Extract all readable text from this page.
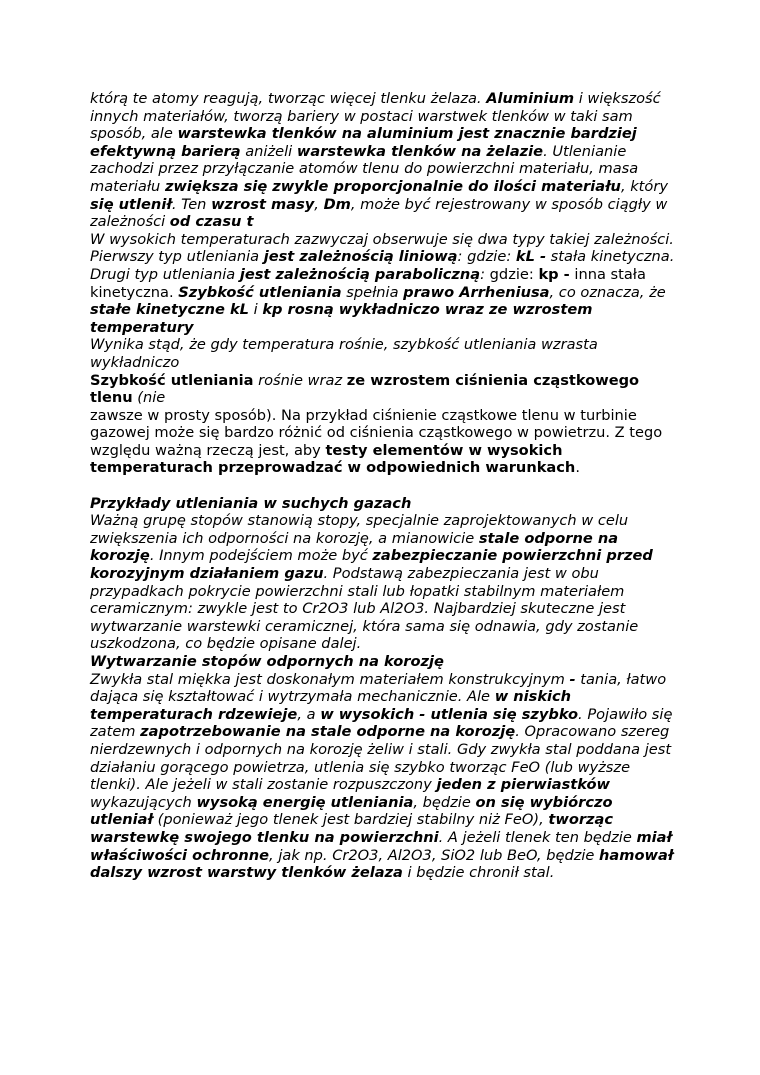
którą te atomy reagują, tworząc więcej tlenku żelaza. Aluminium i większość innych materiałów, tworzą bariery w postaci warstwek tlenków w taki sam sposób, ale warstewka tlenków na aluminium jest znacznie bardziej efektywną barierą aniżeli warstewka tlenków na żelazie. Utlenianie zachodzi przez przyłączanie atomów tlenu do powierzchni materiału, masa materiału zwiększa się zwykle proporcjonalnie do ilości materiału, który się utlenił. Ten wzrost masy, Dm, może być rejestrowany w sposób ciągły w zależności od czasu t

W wysokich temperaturach zazwyczaj obserwuje się dwa typy takiej zależności.

Pierwszy typ utleniania jest zależnością liniową: gdzie: kL - stała kinetyczna.

Drugi typ utleniania jest zależnością paraboliczną: gdzie: kp - inna stała kinetyczna. Szybkość utleniania spełnia prawo Arrheniusa, co oznacza, że stałe kinetyczne kL i kp rosną wykładniczo wraz ze wzrostem temperatury

Wynika stąd, że gdy temperatura rośnie, szybkość utleniania wzrasta wykładniczo

Szybkość utleniania rośnie wraz ze wzrostem ciśnienia cząstkowego tlenu (nie

zawsze w prosty sposób). Na przykład ciśnienie cząstkowe tlenu w turbinie gazowej może się bardzo różnić od ciśnienia cząstkowego w powietrzu. Z tego względu ważną rzeczą jest, aby testy elementów w wysokich temperaturach przeprowadzać w odpowiednich warunkach.

Przykłady utleniania w suchych gazach

Ważną grupę stopów stanowią stopy, specjalnie zaprojektowanych w celu zwiększenia ich odporności na korozję, a mianowicie stale odporne na korozję. Innym podejściem może być zabezpieczanie powierzchni przed korozyjnym działaniem gazu. Podstawą zabezpieczania jest w obu przypadkach pokrycie powierzchni stali lub łopatki stabilnym materiałem ceramicznym: zwykle jest to Cr2O3 lub Al2O3. Najbardziej skuteczne jest wytwarzanie warstewki ceramicznej, która sama się odnawia, gdy zostanie uszkodzona, co będzie opisane dalej.

Wytwarzanie stopów odpornych na korozję

Zwykła stal miękka jest doskonałym materiałem konstrukcyjnym - tania, łatwo dająca się kształtować i wytrzymała mechanicznie. Ale w niskich temperaturach rdzewieje, a w wysokich - utlenia się szybko. Pojawiło się zatem zapotrzebowanie na stale odporne na korozję. Opracowano szereg nierdzewnych i odpornych na korozję żeliw i stali. Gdy zwykła stal poddana jest działaniu gorącego powietrza, utlenia się szybko tworząc FeO (lub wyższe tlenki). Ale jeżeli w stali zostanie rozpuszczony jeden z pierwiastków wykazujących wysoką energię utleniania, będzie on się wybiórczo utleniał (ponieważ jego tlenek jest bardziej stabilny niż FeO), tworząc warstewkę swojego tlenku na powierzchni. A jeżeli tlenek ten będzie miał właściwości ochronne, jak np. Cr2O3, Al2O3, SiO2 lub BeO, będzie hamował dalszy wzrost warstwy tlenków żelaza i będzie chronił stal.
